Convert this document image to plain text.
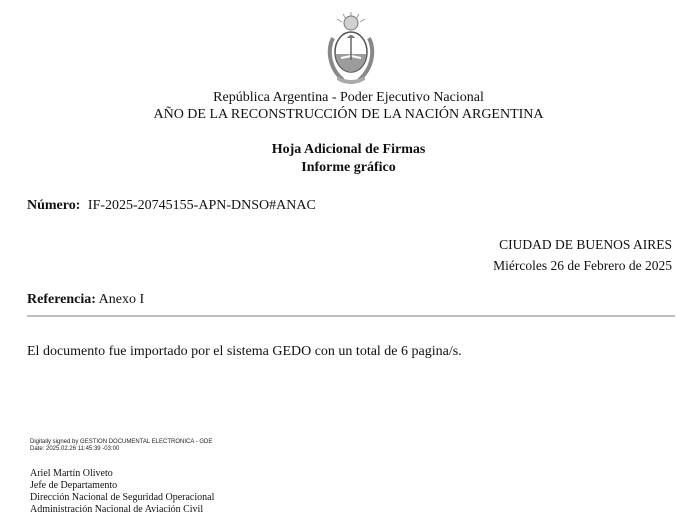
República Argentina - Poder Ejecutivo Nacional
AÑO DE LA RECONSTRUCCIÓN DE LA NACIÓN ARGENTINA
Hoja Adicional de Firmas
Informe gráfico
Número: IF-2025-20745155-APN-DNSO#ANAC
CIUDAD DE BUENOS AIRES
Miércoles 26 de Febrero de 2025
Referencia: Anexo I
El documento fue importado por el sistema GEDO con un total de 6 pagina/s.
Digitally signed by GESTION DOCUMENTAL ELECTRONICA - GDE
Date: 2025.02.26 11:45:39 -03:00
Ariel Martín Oliveto
Jefe de Departamento
Dirección Nacional de Seguridad Operacional
Administración Nacional de Aviación Civil
